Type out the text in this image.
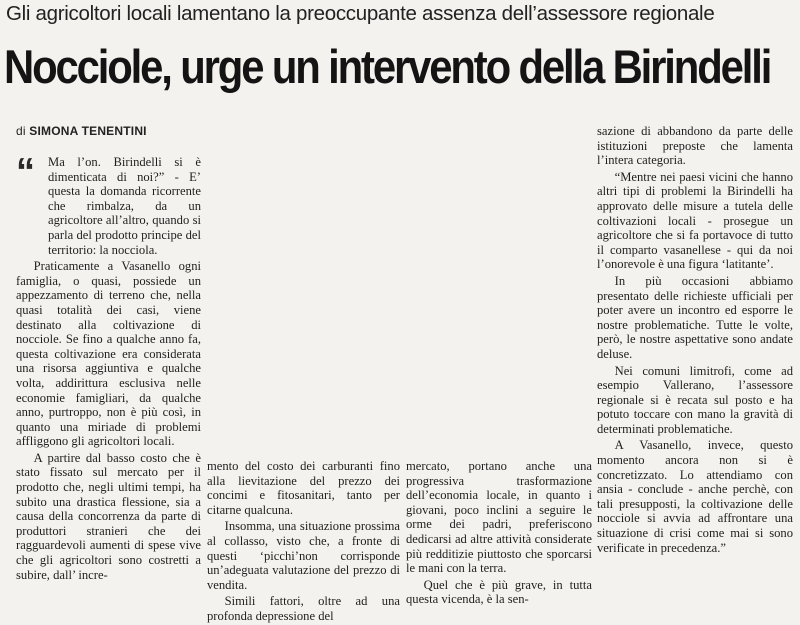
Gli agricoltori locali lamentano la preoccupante assenza dell’assessore regionale
Nocciole, urge un intervento della Birindelli
di SIMONA TENENTINI
“	Ma l’on. Birindelli si è dimenticata di noi?” - E’ questa la domanda ricorrente che rimbalza, da un agricoltore all’altro, quando si parla del prodotto principe del territorio: la nocciola.

Praticamente a Vasanello ogni famiglia, o quasi, possiede un appezzamento di terreno che, nella quasi totalità dei casi, viene destinato alla coltivazione di nocciole. Se fino a qualche anno fa, questa coltivazione era considerata una risorsa aggiuntiva e qualche volta, addirittura esclusiva nelle economie famigliari, da qualche anno, purtroppo, non è più così, in quanto una miriade di problemi affliggono gli agricoltori locali.

A partire dal basso costo che è stato fissato sul mercato per il prodotto che, negli ultimi tempi, ha subito una drastica flessione, sia a causa della concorrenza da parte di produttori stranieri che dei ragguardevoli aumenti di spese vive che gli agricoltori sono costretti a subire, dall’ incre-

mento del costo dei carburanti fino alla lievitazione del prezzo dei concimi e fitosanitari, tanto per citarne qualcuna.

Insomma, una situazione prossima al collasso, visto che, a fronte di questi ‘picchi’non corrisponde un’adeguata valutazione del prezzo di vendita.

Simili fattori, oltre ad una profonda depressione del

mercato, portano anche una progressiva trasformazione dell’economia locale, in quanto i giovani, poco inclini a seguire le orme dei padri, preferiscono dedicarsi ad altre attività considerate più redditizie piuttosto che sporcarsi le mani con la terra.

Quel che è più grave, in tutta questa vicenda, è la sen-

sazione di abbandono da parte delle istituzioni preposte che lamenta l’intera categoria.

“Mentre nei paesi vicini che hanno altri tipi di problemi la Birindelli ha approvato delle misure a tutela delle coltivazioni locali - prosegue un agricoltore che si fa portavoce di tutto il comparto vasanellese - qui da noi l’onorevole è una figura ‘latitante’.

In più occasioni abbiamo presentato delle richieste ufficiali per poter avere un incontro ed esporre le nostre problematiche. Tutte le volte, però, le nostre aspettative sono andate deluse.

Nei comuni limitrofi, come ad esempio Vallerano, l’assessore regionale si è recata sul posto e ha potuto toccare con mano la gravità di determinati problematiche.

A Vasanello, invece, questo momento ancora non si è concretizzato. Lo attendiamo con ansia - conclude - anche perchè, con tali presupposti, la coltivazione delle nocciole si avvia ad affrontare una situazione di crisi come mai si sono verificate in precedenza.”
